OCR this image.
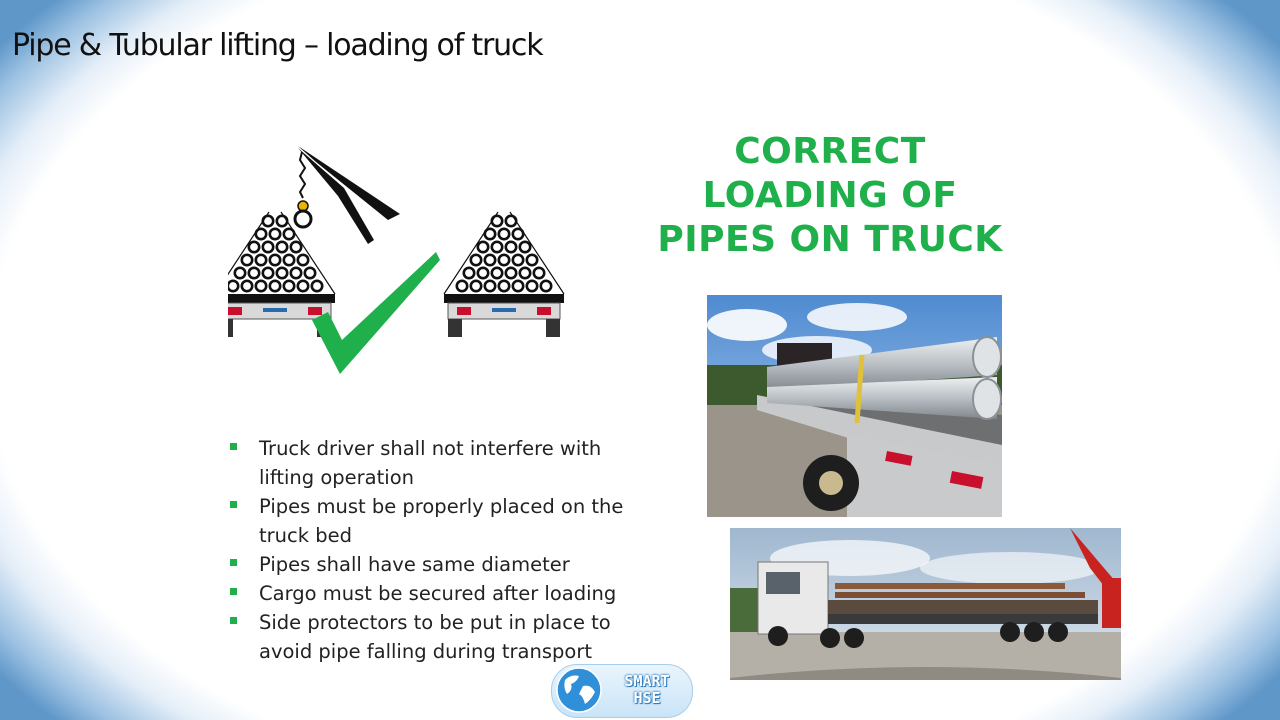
Pipe & Tubular lifting – loading of truck
CORRECT
LOADING OF
PIPES ON TRUCK
Truck driver shall not interfere with lifting operation
Pipes must be properly placed on the truck bed
Pipes shall have same diameter
Cargo must be secured after loading
Side protectors to be put in place to avoid pipe falling during transport
SMART
HSE
